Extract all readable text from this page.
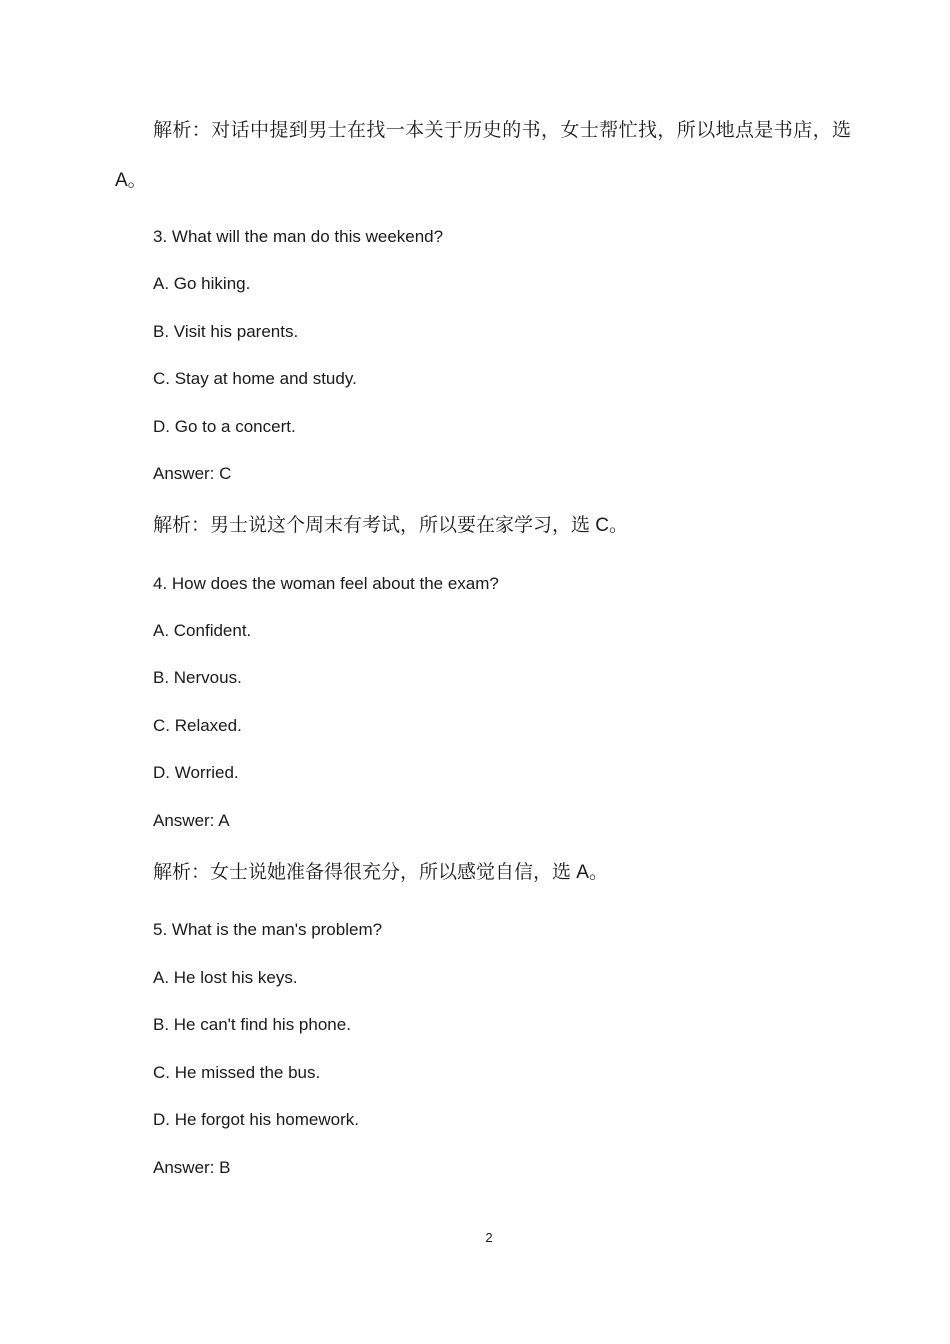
解析：对话中提到男士在找一本关于历史的书，女士帮忙找，所以地点是书店，选
A。
3. What will the man do this weekend?
A. Go hiking.
B. Visit his parents.
C. Stay at home and study.
D. Go to a concert.
Answer: C
解析：男士说这个周末有考试，所以要在家学习，选 C。
4. How does the woman feel about the exam?
A. Confident.
B. Nervous.
C. Relaxed.
D. Worried.
Answer: A
解析：女士说她准备得很充分，所以感觉自信，选 A。
5. What is the man's problem?
A. He lost his keys.
B. He can't find his phone.
C. He missed the bus.
D. He forgot his homework.
Answer: B
2
